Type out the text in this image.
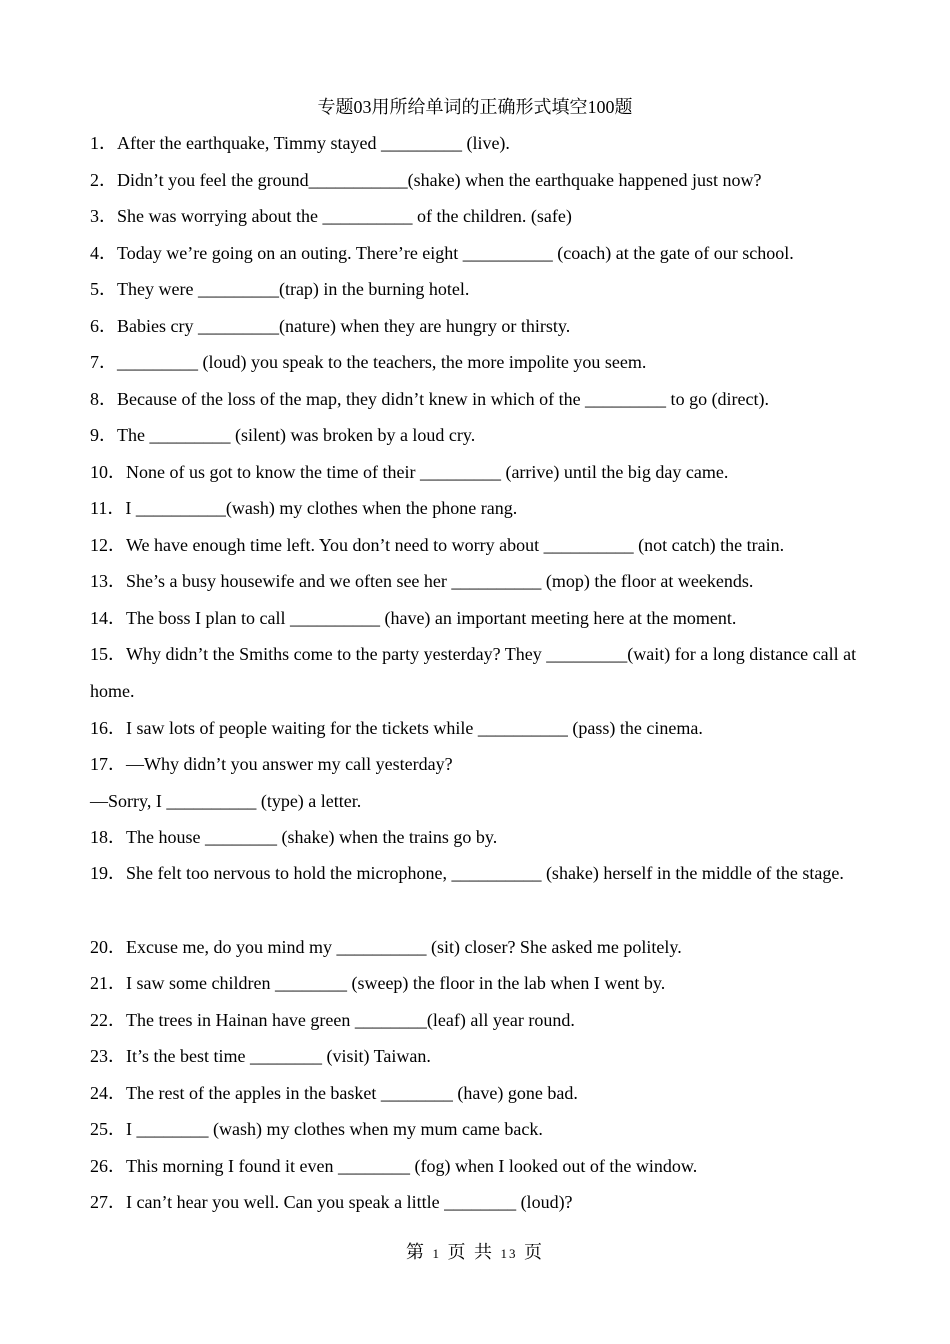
专题03用所给单词的正确形式填空100题
1．After the earthquake, Timmy stayed _________ (live).
2．Didn’t you feel the ground___________(shake) when the earthquake happened just now?
3．She was worrying about the __________ of the children. (safe)
4．Today we’re going on an outing. There’re eight __________ (coach) at the gate of our school.
5．They were _________(trap) in the burning hotel.
6．Babies cry _________(nature) when they are hungry or thirsty.
7．_________ (loud) you speak to the teachers, the more impolite you seem.
8．Because of the loss of the map, they didn’t knew in which of the _________ to go (direct).
9．The _________ (silent) was broken by a loud cry.
10．None of us got to know the time of their _________ (arrive) until the big day came.
11．I __________(wash) my clothes when the phone rang.
12．We have enough time left. You don’t need to worry about __________ (not catch) the train.
13．She’s a busy housewife and we often see her __________ (mop) the floor at weekends.
14．The boss I plan to call __________ (have) an important meeting here at the moment.
15．Why didn’t the Smiths come to the party yesterday? They _________(wait) for a long distance call at home.
16．I saw lots of people waiting for the tickets while __________ (pass) the cinema.
17．—Why didn’t you answer my call yesterday?
—Sorry, I __________ (type) a letter.
18．The house ________ (shake) when the trains go by.
19．She felt too nervous to hold the microphone, __________ (shake) herself in the middle of the stage.
20．Excuse me, do you mind my __________ (sit) closer? She asked me politely.
21．I saw some children ________ (sweep) the floor in the lab when I went by.
22．The trees in Hainan have green ________(leaf) all year round.
23．It’s the best time ________ (visit) Taiwan.
24．The rest of the apples in the basket ________ (have) gone bad.
25．I ________ (wash) my clothes when my mum came back.
26．This morning I found it even ________ (fog) when I looked out of the window.
27．I can’t hear you well. Can you speak a little ________ (loud)?
第 1 页 共 13 页
